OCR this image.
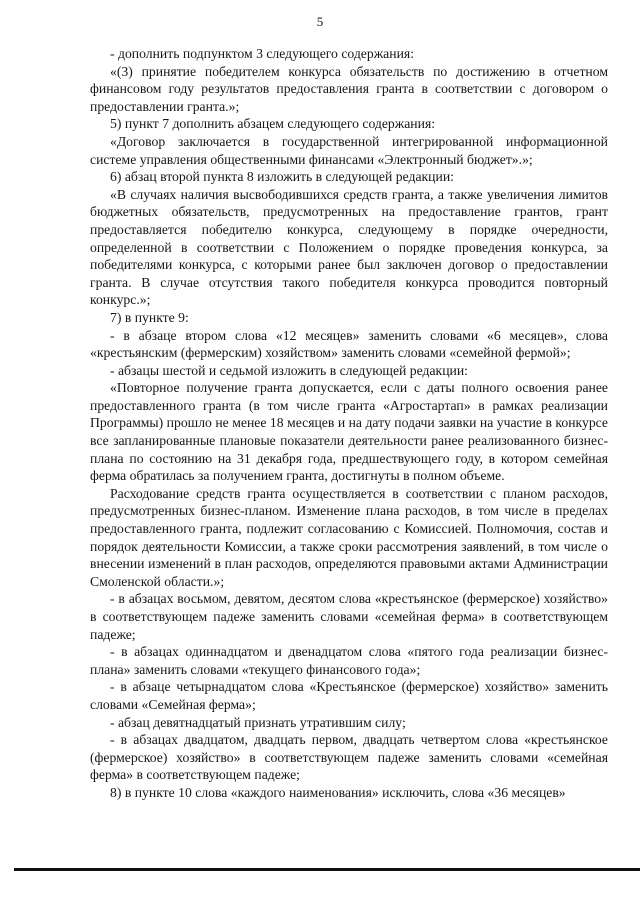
5

- дополнить подпунктом 3 следующего содержания:

«(3) принятие победителем конкурса обязательств по достижению в отчетном финансовом году результатов предоставления гранта в соответствии с договором о предоставлении гранта.»;

5) пункт 7 дополнить абзацем следующего содержания:

«Договор заключается в государственной интегрированной информационной системе управления общественными финансами «Электронный бюджет».»;

6) абзац второй пункта 8 изложить в следующей редакции:

«В случаях наличия высвободившихся средств гранта, а также увеличения лимитов бюджетных обязательств, предусмотренных на предоставление грантов, грант предоставляется победителю конкурса, следующему в порядке очередности, определенной в соответствии с Положением о порядке проведения конкурса, за победителями конкурса, с которыми ранее был заключен договор о предоставлении гранта. В случае отсутствия такого победителя конкурса проводится повторный конкурс.»;

7) в пункте 9:

- в абзаце втором слова «12 месяцев» заменить словами «6 месяцев», слова «крестьянским (фермерским) хозяйством» заменить словами «семейной фермой»;

- абзацы шестой и седьмой изложить в следующей редакции:

«Повторное получение гранта допускается, если с даты полного освоения ранее предоставленного гранта (в том числе гранта «Агростартап» в рамках реализации Программы) прошло не менее 18 месяцев и на дату подачи заявки на участие в конкурсе все запланированные плановые показатели деятельности ранее реализованного бизнес-плана по состоянию на 31 декабря года, предшествующего году, в котором семейная ферма обратилась за получением гранта, достигнуты в полном объеме.

Расходование средств гранта осуществляется в соответствии с планом расходов, предусмотренных бизнес-планом. Изменение плана расходов, в том числе в пределах предоставленного гранта, подлежит согласованию с Комиссией. Полномочия, состав и порядок деятельности Комиссии, а также сроки рассмотрения заявлений, в том числе о внесении изменений в план расходов, определяются правовыми актами Администрации Смоленской области.»;

- в абзацах восьмом, девятом, десятом слова «крестьянское (фермерское) хозяйство» в соответствующем падеже заменить словами «семейная ферма» в соответствующем падеже;

- в абзацах одиннадцатом и двенадцатом слова «пятого года реализации бизнес-плана» заменить словами «текущего финансового года»;

- в абзаце четырнадцатом слова «Крестьянское (фермерское) хозяйство» заменить словами «Семейная ферма»;

- абзац девятнадцатый признать утратившим силу;

- в абзацах двадцатом, двадцать первом, двадцать четвертом слова «крестьянское (фермерское) хозяйство» в соответствующем падеже заменить словами «семейная ферма» в соответствующем падеже;

8) в пункте 10 слова «каждого наименования» исключить, слова «36 месяцев»
